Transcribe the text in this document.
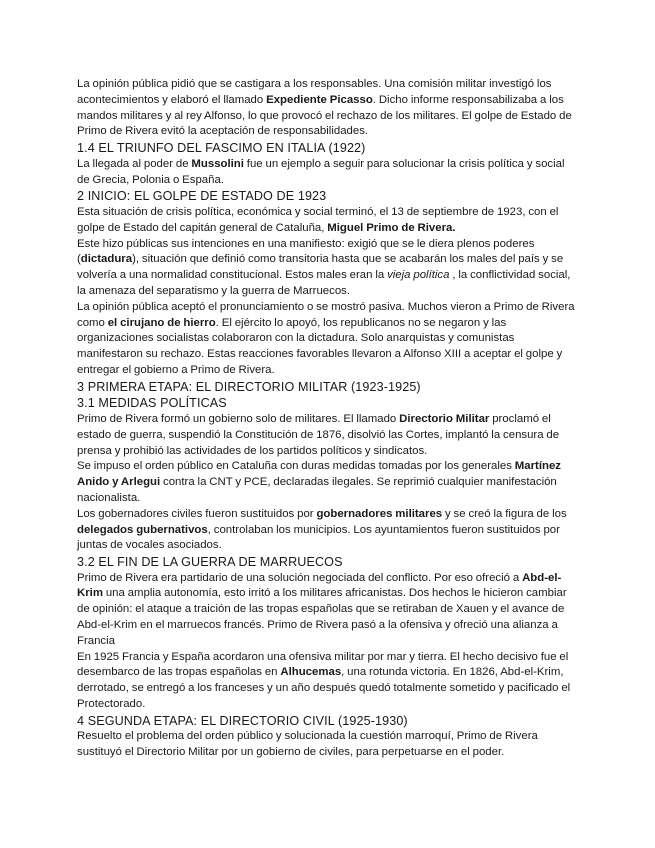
La opinión pública pidió que se castigara a los responsables. Una comisión militar investigó los acontecimientos y elaboró el llamado Expediente Picasso. Dicho informe responsabilizaba a los mandos militares y al rey Alfonso, lo que provocó el rechazo de los militares. El golpe de Estado de Primo de Rivera evitó la aceptación de responsabilidades.

1.4 EL TRIUNFO DEL FASCIMO EN ITALIA (1922)

La llegada al poder de Mussolini fue un ejemplo a seguir para solucionar la crisis política y social de Grecia, Polonia o España.

2 INICIO: EL GOLPE DE ESTADO DE 1923

Esta situación de crisis política, económica y social terminó, el 13 de septiembre de 1923, con el golpe de Estado del capitán general de Cataluña, Miguel Primo de Rivera.

Este hizo públicas sus intenciones en una manifiesto: exigió que se le diera plenos poderes (dictadura), situación que definió como transitoria hasta que se acabarán los males del país y se volvería a una normalidad constitucional. Estos males eran la vieja política , la conflictividad social, la amenaza del separatismo y la guerra de Marruecos.

La opinión pública aceptó el pronunciamiento o se mostró pasiva. Muchos vieron a Primo de Rivera como el cirujano de hierro. El ejército lo apoyó, los republicanos no se negaron y las organizaciones socialistas colaboraron con la dictadura. Solo anarquistas y comunistas manifestaron su rechazo. Estas reacciones favorables llevaron a Alfonso XIII a aceptar el golpe y entregar el gobierno a Primo de Rivera.

3 PRIMERA ETAPA: EL DIRECTORIO MILITAR (1923-1925)

3.1 MEDIDAS POLÍTICAS

Primo de Rivera formó un gobierno solo de militares. El llamado Directorio Militar proclamó el estado de guerra, suspendió la Constitución de 1876, disolvió las Cortes, implantó la censura de prensa y prohibió las actividades de los partidos políticos y sindicatos.

Se impuso el orden público en Cataluña con duras medidas tomadas por los generales Martínez Anido y Arlegui contra la CNT y PCE, declaradas ilegales. Se reprimió cualquier manifestación nacionalista.

Los gobernadores civiles fueron sustituidos por gobernadores militares y se creó la figura de los delegados gubernativos, controlaban los municipios. Los ayuntamientos fueron sustituidos por juntas de vocales asociados.

3.2 EL FIN DE LA GUERRA DE MARRUECOS

Primo de Rivera era partidario de una solución negociada del conflicto. Por eso ofreció a Abd-el-Krim una amplia autonomía, esto irritó a los militares africanistas. Dos hechos le hicieron cambiar de opinión: el ataque a traición de las tropas españolas que se retiraban de Xauen y el avance de Abd-el-Krim en el marruecos francés. Primo de Rivera pasó a la ofensiva y ofreció una alianza a Francia

En 1925 Francia y España acordaron una ofensiva militar por mar y tierra. El hecho decisivo fue el desembarco de las tropas españolas en Alhucemas, una rotunda victoria. En 1826, Abd-el-Krim, derrotado, se entregó a los franceses y un año después quedó totalmente sometido y pacificado el Protectorado.

4 SEGUNDA ETAPA: EL DIRECTORIO CIVIL (1925-1930)

Resuelto el problema del orden público y solucionada la cuestión marroquí, Primo de Rivera sustituyó el Directorio Militar por un gobierno de civiles, para perpetuarse en el poder.
